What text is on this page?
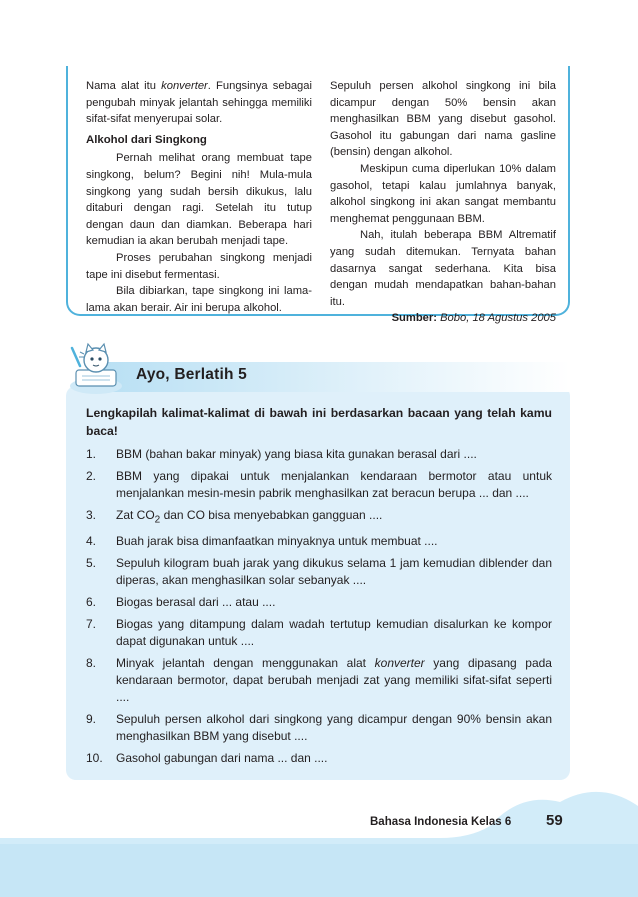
Nama alat itu konverter. Fungsinya sebagai pengubah minyak jelantah sehingga memiliki sifat-sifat menyerupai solar.

Alkohol dari Singkong

Pernah melihat orang membuat tape singkong, belum? Begini nih! Mula-mula singkong yang sudah bersih dikukus, lalu ditaburi dengan ragi. Setelah itu tutup dengan daun dan diamkan. Beberapa hari kemudian ia akan berubah menjadi tape.

Proses perubahan singkong menjadi tape ini disebut fermentasi.

Bila dibiarkan, tape singkong ini lama-lama akan berair. Air ini berupa alkohol.

Sepuluh persen alkohol singkong ini bila dicampur dengan 50% bensin akan menghasilkan BBM yang disebut gasohol. Gasohol itu gabungan dari nama gasline (bensin) dengan alkohol.

Meskipun cuma diperlukan 10% dalam gasohol, tetapi kalau jumlahnya banyak, alkohol singkong ini akan sangat membantu menghemat penggunaan BBM.

Nah, itulah beberapa BBM Altrematif yang sudah ditemukan. Ternyata bahan dasarnya sangat sederhana. Kita bisa dengan mudah mendapatkan bahan-bahan itu.

Sumber: Bobo, 18 Agustus 2005

Ayo, Berlatih 5
Lengkapilah kalimat-kalimat di bawah ini berdasarkan bacaan yang telah kamu baca!
1.	BBM (bahan bakar minyak) yang biasa kita gunakan berasal dari ....
2.	BBM yang dipakai untuk menjalankan kendaraan bermotor atau untuk menjalankan mesin-mesin pabrik menghasilkan zat beracun berupa ... dan ....
3.	Zat $CO_2$ dan CO bisa menyebabkan gangguan ....
4.	Buah jarak bisa dimanfaatkan minyaknya untuk membuat ....
5.	Sepuluh kilogram buah jarak yang dikukus selama 1 jam kemudian diblender dan diperas, akan menghasilkan solar sebanyak ....
6.	Biogas berasal dari ... atau ....
7.	Biogas yang ditampung dalam wadah tertutup kemudian disalurkan ke kompor dapat digunakan untuk ....
8.	Minyak jelantah dengan menggunakan alat konverter yang dipasang pada kendaraan bermotor, dapat berubah menjadi zat yang memiliki sifat-sifat seperti ....
9.	Sepuluh persen alkohol dari singkong yang dicampur dengan 90% bensin akan menghasilkan BBM yang disebut ....
10.	Gasohol gabungan dari nama ... dan ....
Bahasa Indonesia Kelas 6 59
